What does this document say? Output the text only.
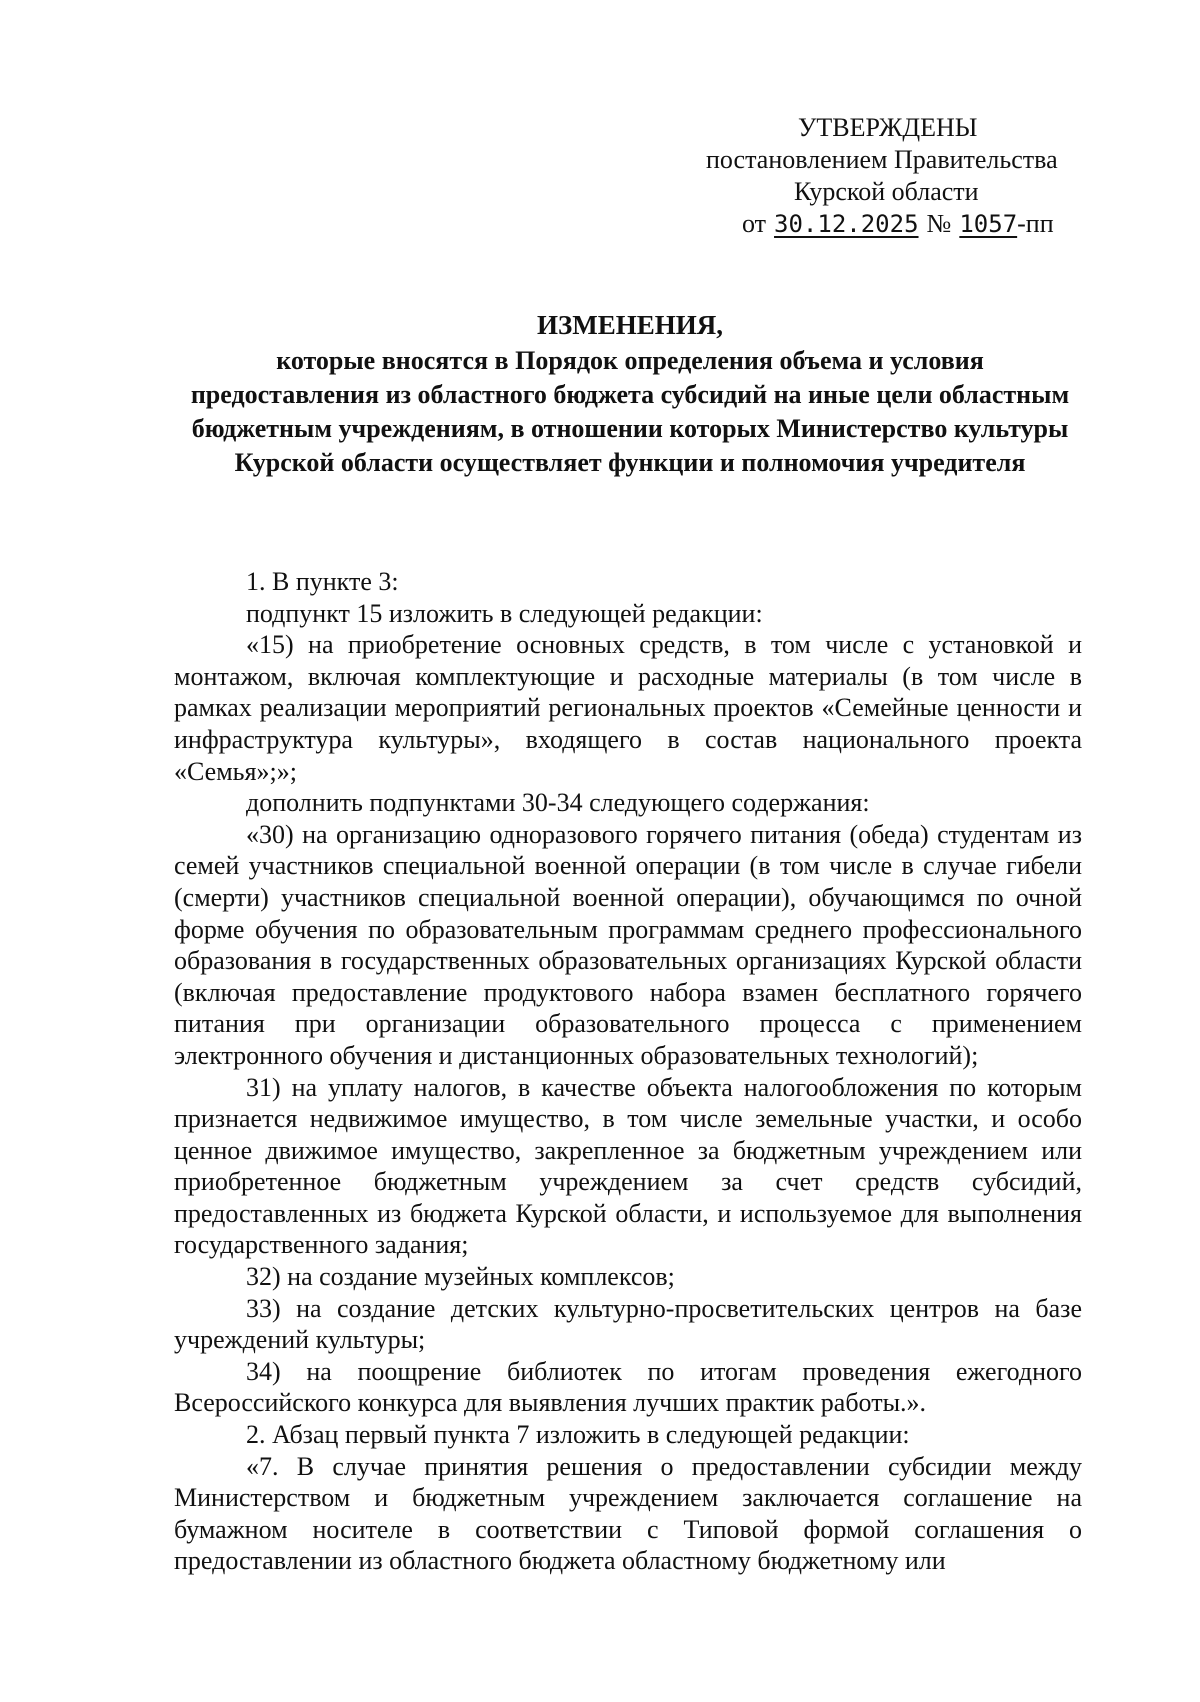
УТВЕРЖДЕНЫ
постановлением Правительства
Курской области
от 30.12.2025 № 1057-пп
ИЗМЕНЕНИЯ,
которые вносятся в Порядок определения объема и условия предоставления из областного бюджета субсидий на иные цели областным бюджетным учреждениям, в отношении которых Министерство культуры Курской области осуществляет функции и полномочия учредителя

1. В пункте 3:

подпункт 15 изложить в следующей редакции:

«15) на приобретение основных средств, в том числе с установкой и монтажом, включая комплектующие и расходные материалы (в том числе в рамках реализации мероприятий региональных проектов «Семейные ценности и инфраструктура культуры», входящего в состав национального проекта «Семья»;»;

дополнить подпунктами 30-34 следующего содержания:

«30) на организацию одноразового горячего питания (обеда) студентам из семей участников специальной военной операции (в том числе в случае гибели (смерти) участников специальной военной операции), обучающимся по очной форме обучения по образовательным программам среднего профессионального образования в государственных образовательных организациях Курской области (включая предоставление продуктового набора взамен бесплатного горячего питания при организации образовательного процесса с применением электронного обучения и дистанционных образовательных технологий);

31) на уплату налогов, в качестве объекта налогообложения по которым признается недвижимое имущество, в том числе земельные участки, и особо ценное движимое имущество, закрепленное за бюджетным учреждением или приобретенное бюджетным учреждением за счет средств субсидий, предоставленных из бюджета Курской области, и используемое для выполнения государственного задания;

32) на создание музейных комплексов;

33) на создание детских культурно-просветительских центров на базе учреждений культуры;

34) на поощрение библиотек по итогам проведения ежегодного Всероссийского конкурса для выявления лучших практик работы.».

2. Абзац первый пункта 7 изложить в следующей редакции:

«7. В случае принятия решения о предоставлении субсидии между Министерством и бюджетным учреждением заключается соглашение на бумажном носителе в соответствии с Типовой формой соглашения о предоставлении из областного бюджета областному бюджетному или
